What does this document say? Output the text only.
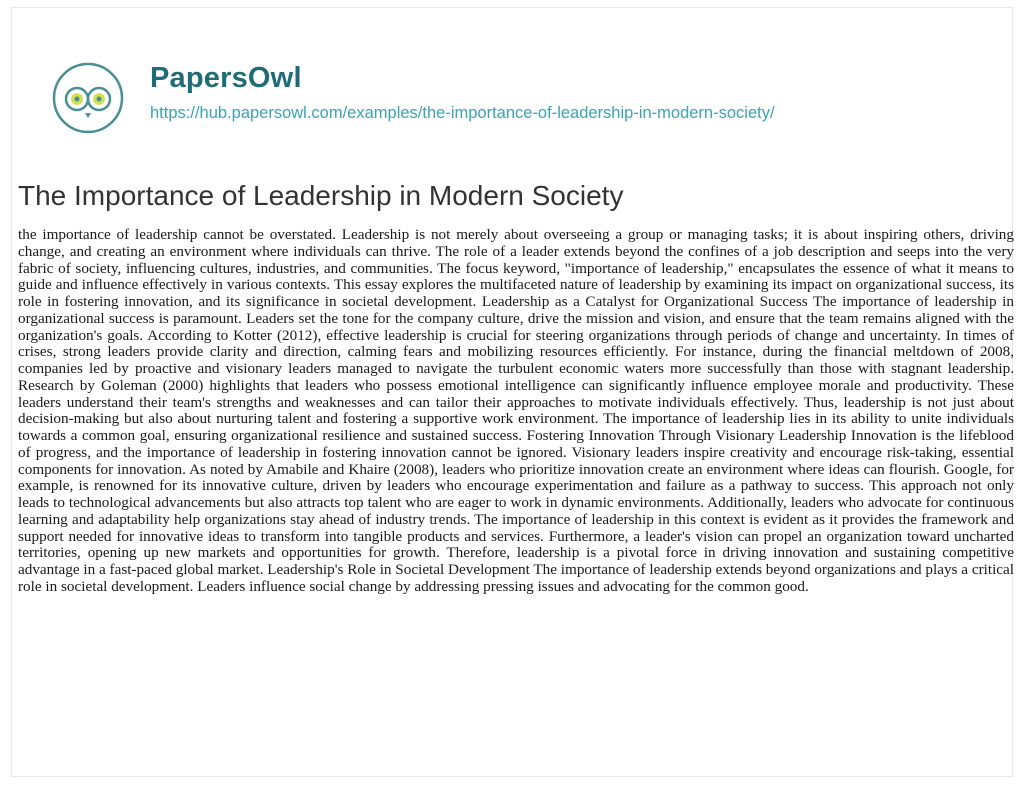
PapersOwl
https://hub.papersowl.com/examples/the-importance-of-leadership-in-modern-society/
The Importance of Leadership in Modern Society

the importance of leadership cannot be overstated. Leadership is not merely about overseeing a group or managing tasks; it is about inspiring others, driving change, and creating an environment where individuals can thrive. The role of a leader extends beyond the confines of a job description and seeps into the very fabric of society, influencing cultures, industries, and communities. The focus keyword, "importance of leadership," encapsulates the essence of what it means to guide and influence effectively in various contexts. This essay explores the multifaceted nature of leadership by examining its impact on organizational success, its role in fostering innovation, and its significance in societal development. Leadership as a Catalyst for Organizational Success The importance of leadership in organizational success is paramount. Leaders set the tone for the company culture, drive the mission and vision, and ensure that the team remains aligned with the organization's goals. According to Kotter (2012), effective leadership is crucial for steering organizations through periods of change and uncertainty. In times of crises, strong leaders provide clarity and direction, calming fears and mobilizing resources efficiently. For instance, during the financial meltdown of 2008, companies led by proactive and visionary leaders managed to navigate the turbulent economic waters more successfully than those with stagnant leadership. Research by Goleman (2000) highlights that leaders who possess emotional intelligence can significantly influence employee morale and productivity. These leaders understand their team's strengths and weaknesses and can tailor their approaches to motivate individuals effectively. Thus, leadership is not just about decision-making but also about nurturing talent and fostering a supportive work environment. The importance of leadership lies in its ability to unite individuals towards a common goal, ensuring organizational resilience and sustained success. Fostering Innovation Through Visionary Leadership Innovation is the lifeblood of progress, and the importance of leadership in fostering innovation cannot be ignored. Visionary leaders inspire creativity and encourage risk-taking, essential components for innovation. As noted by Amabile and Khaire (2008), leaders who prioritize innovation create an environment where ideas can flourish. Google, for example, is renowned for its innovative culture, driven by leaders who encourage experimentation and failure as a pathway to success. This approach not only leads to technological advancements but also attracts top talent who are eager to work in dynamic environments. Additionally, leaders who advocate for continuous learning and adaptability help organizations stay ahead of industry trends. The importance of leadership in this context is evident as it provides the framework and support needed for innovative ideas to transform into tangible products and services. Furthermore, a leader's vision can propel an organization toward uncharted territories, opening up new markets and opportunities for growth. Therefore, leadership is a pivotal force in driving innovation and sustaining competitive advantage in a fast-paced global market. Leadership's Role in Societal Development The importance of leadership extends beyond organizations and plays a critical role in societal development. Leaders influence social change by addressing pressing issues and advocating for the common good.
